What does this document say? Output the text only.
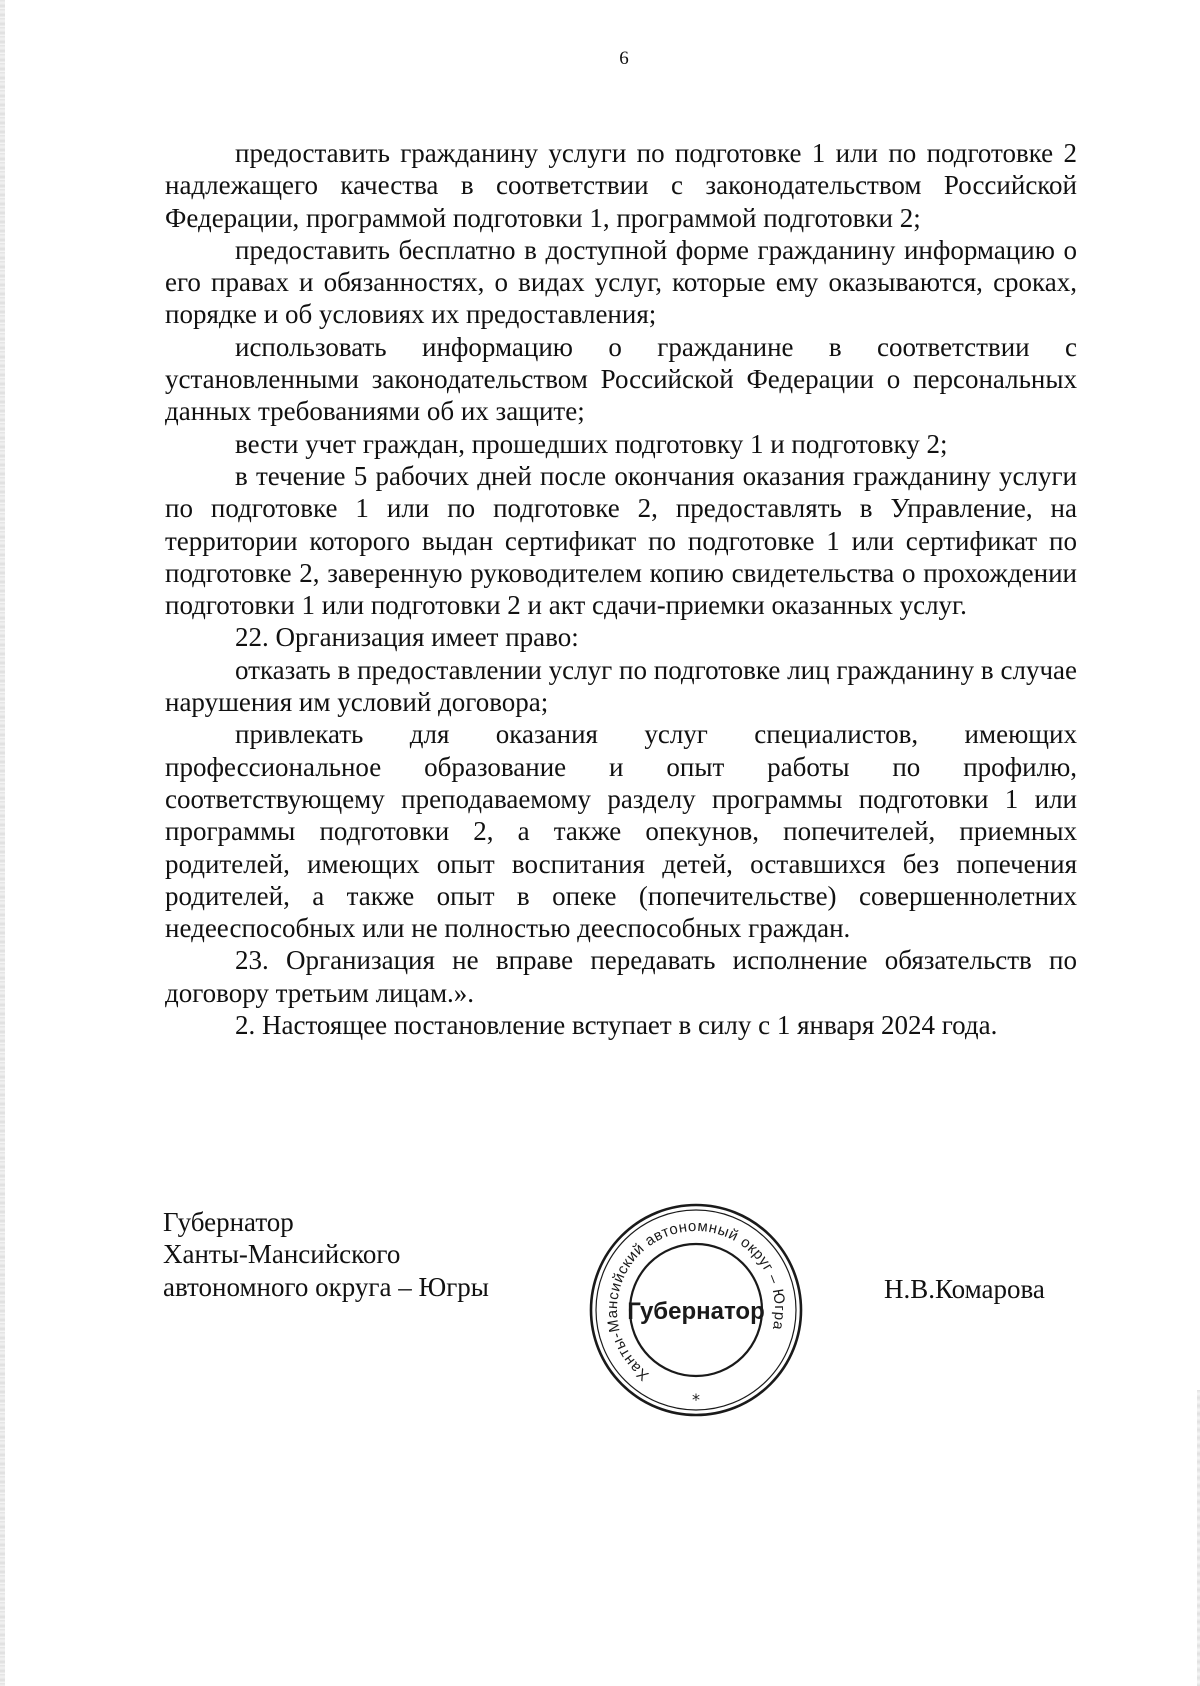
6

предоставить гражданину услуги по подготовке 1 или по подготовке 2 надлежащего качества в соответствии с законодательством Российской Федерации, программой подготовки 1, программой подготовки 2;

предоставить бесплатно в доступной форме гражданину информацию о его правах и обязанностях, о видах услуг, которые ему оказываются, сроках, порядке и об условиях их предоставления;

использовать информацию о гражданине в соответствии с установленными законодательством Российской Федерации о персональных данных требованиями об их защите;

вести учет граждан, прошедших подготовку 1 и подготовку 2;

в течение 5 рабочих дней после окончания оказания гражданину услуги по подготовке 1 или по подготовке 2, предоставлять в Управление, на территории которого выдан сертификат по подготовке 1 или сертификат по подготовке 2, заверенную руководителем копию свидетельства о прохождении подготовки 1 или подготовки 2 и акт сдачи-приемки оказанных услуг.

22. Организация имеет право:

отказать в предоставлении услуг по подготовке лиц гражданину в случае нарушения им условий договора;

привлекать для оказания услуг специалистов, имеющих профессиональное образование и опыт работы по профилю, соответствующему преподаваемому разделу программы подготовки 1 или программы подготовки 2, а также опекунов, попечителей, приемных родителей, имеющих опыт воспитания детей, оставшихся без попечения родителей, а также опыт в опеке (попечительстве) совершеннолетних недееспособных или не полностью дееспособных граждан.

23. Организация не вправе передавать исполнение обязательств по договору третьим лицам.».

2. Настоящее постановление вступает в силу с 1 января 2024 года.

Губернатор
Ханты-Мансийского
автономного округа – Югры
Ханты-Мансийский автономный округ – Югра
Губернатор
*
Н.В.Комарова
